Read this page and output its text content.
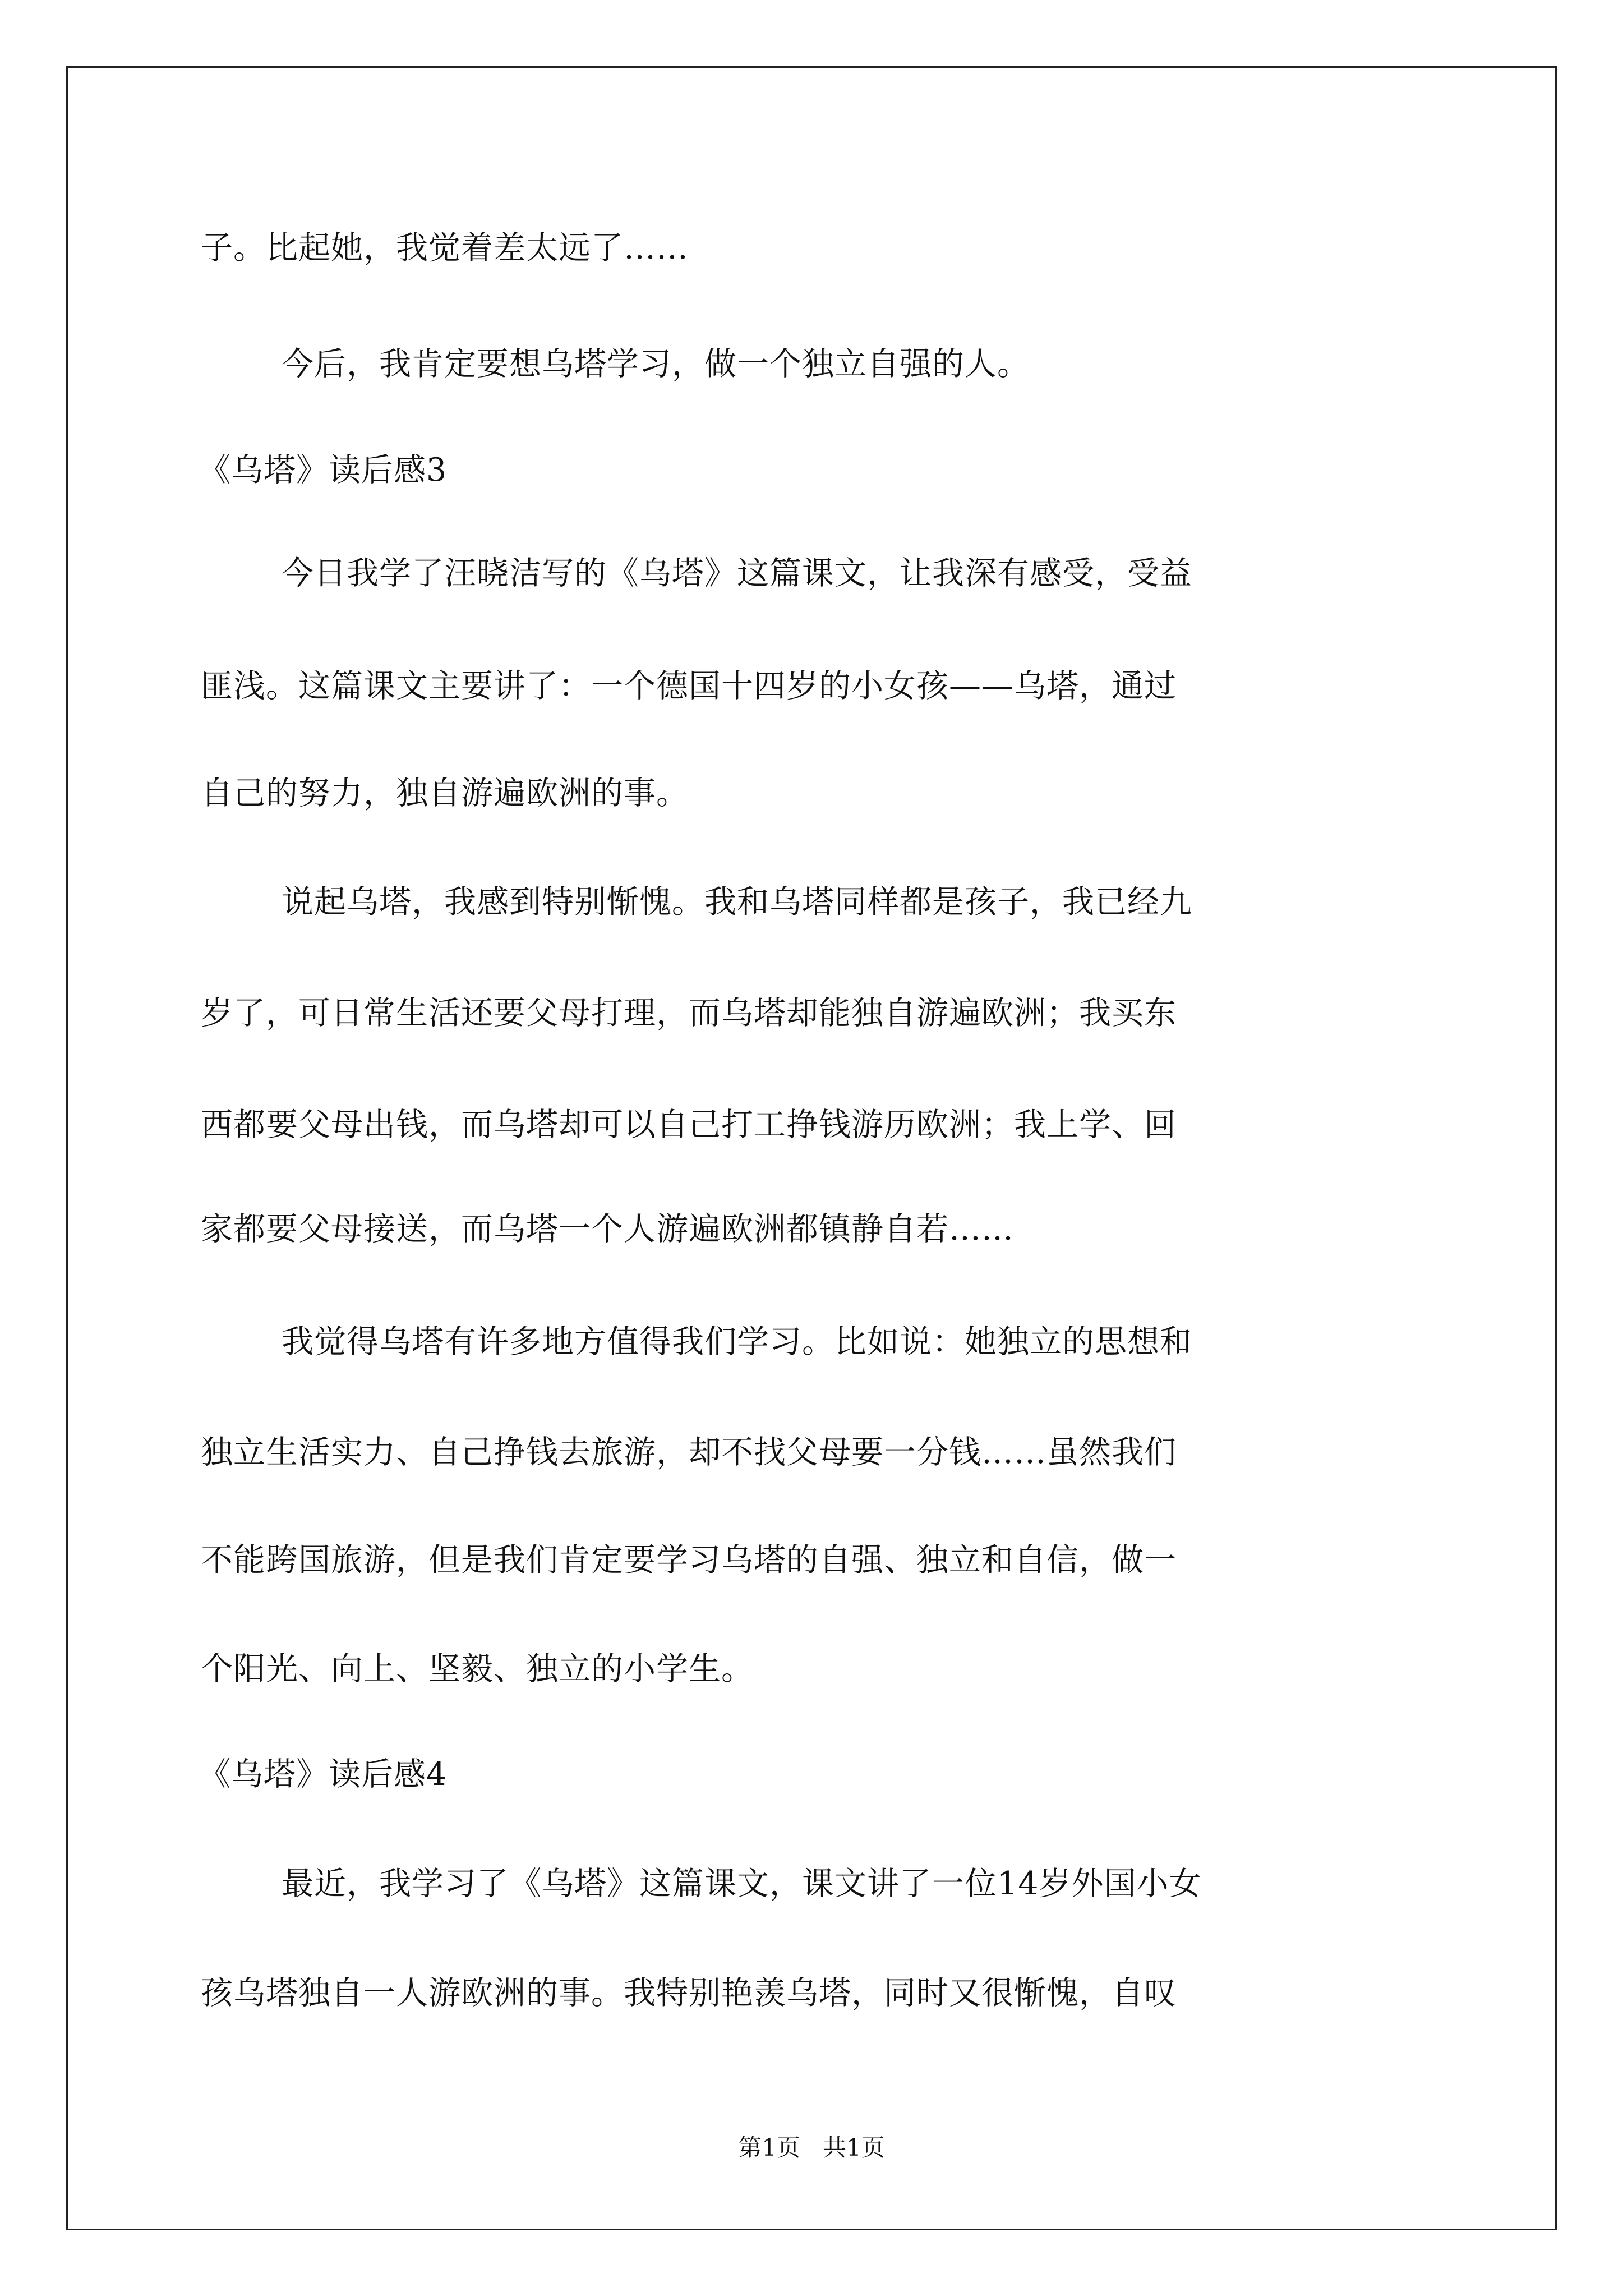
子。比起她，我觉着差太远了……
今后，我肯定要想乌塔学习，做一个独立自强的人。
《乌塔》读后感3
今日我学了汪晓洁写的《乌塔》这篇课文，让我深有感受，受益
匪浅。这篇课文主要讲了：一个德国十四岁的小女孩——乌塔，通过
自己的努力，独自游遍欧洲的事。
说起乌塔，我感到特别惭愧。我和乌塔同样都是孩子，我已经九
岁了，可日常生活还要父母打理，而乌塔却能独自游遍欧洲；我买东
西都要父母出钱，而乌塔却可以自己打工挣钱游历欧洲；我上学、回
家都要父母接送，而乌塔一个人游遍欧洲都镇静自若……
我觉得乌塔有许多地方值得我们学习。比如说：她独立的思想和
独立生活实力、自己挣钱去旅游，却不找父母要一分钱……虽然我们
不能跨国旅游，但是我们肯定要学习乌塔的自强、独立和自信，做一
个阳光、向上、坚毅、独立的小学生。
《乌塔》读后感4
最近，我学习了《乌塔》这篇课文，课文讲了一位14岁外国小女
孩乌塔独自一人游欧洲的事。我特别艳羡乌塔，同时又很惭愧，自叹
第1页   共1页
